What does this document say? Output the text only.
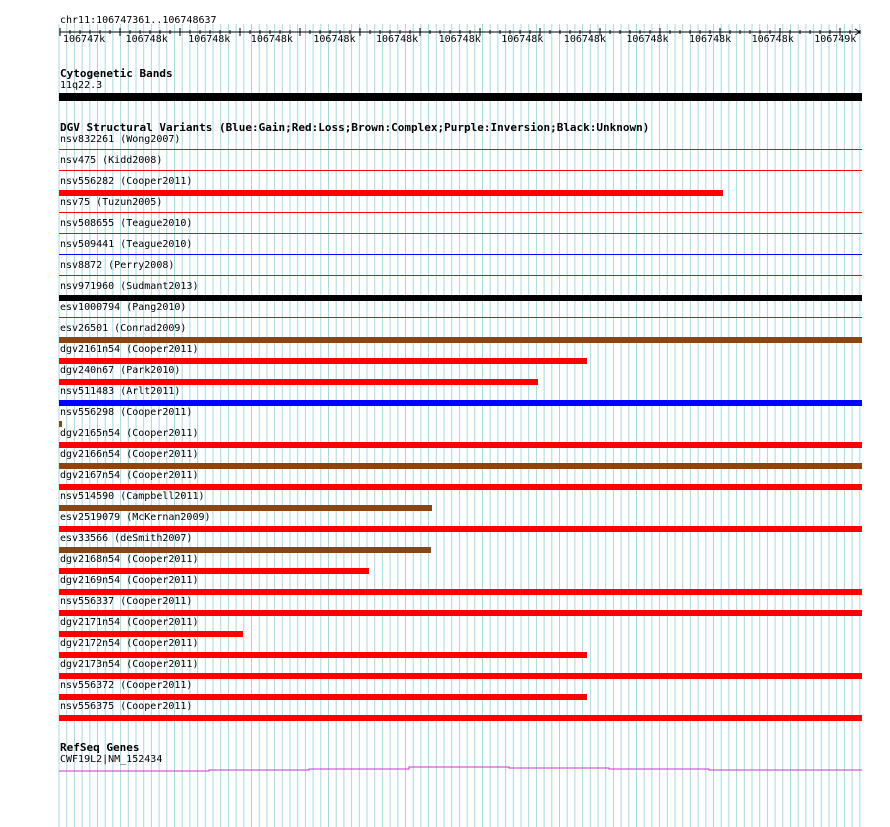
chr11:106747361..106748637
106747k 106748k 106748k 106748k 106748k 106748k 106748k 106748k 106748k 106748k 106748k 106748k 106749k
Cytogenetic Bands
11q22.3
DGV Structural Variants (Blue:Gain;Red:Loss;Brown:Complex;Purple:Inversion;Black:Unknown)
nsv832261 (Wong2007)
nsv475 (Kidd2008)
nsv556282 (Cooper2011)
nsv75 (Tuzun2005)
nsv508655 (Teague2010)
nsv509441 (Teague2010)
nsv8872 (Perry2008)
nsv971960 (Sudmant2013)
esv1000794 (Pang2010)
esv26501 (Conrad2009)
dgv2161n54 (Cooper2011)
dgv240n67 (Park2010)
nsv511483 (Arlt2011)
nsv556298 (Cooper2011)
dgv2165n54 (Cooper2011)
dgv2166n54 (Cooper2011)
dgv2167n54 (Cooper2011)
nsv514590 (Campbell2011)
esv2519079 (McKernan2009)
esv33566 (deSmith2007)
dgv2168n54 (Cooper2011)
dgv2169n54 (Cooper2011)
nsv556337 (Cooper2011)
dgv2171n54 (Cooper2011)
dgv2172n54 (Cooper2011)
dgv2173n54 (Cooper2011)
nsv556372 (Cooper2011)
nsv556375 (Cooper2011)
RefSeq Genes
CWF19L2|NM_152434
